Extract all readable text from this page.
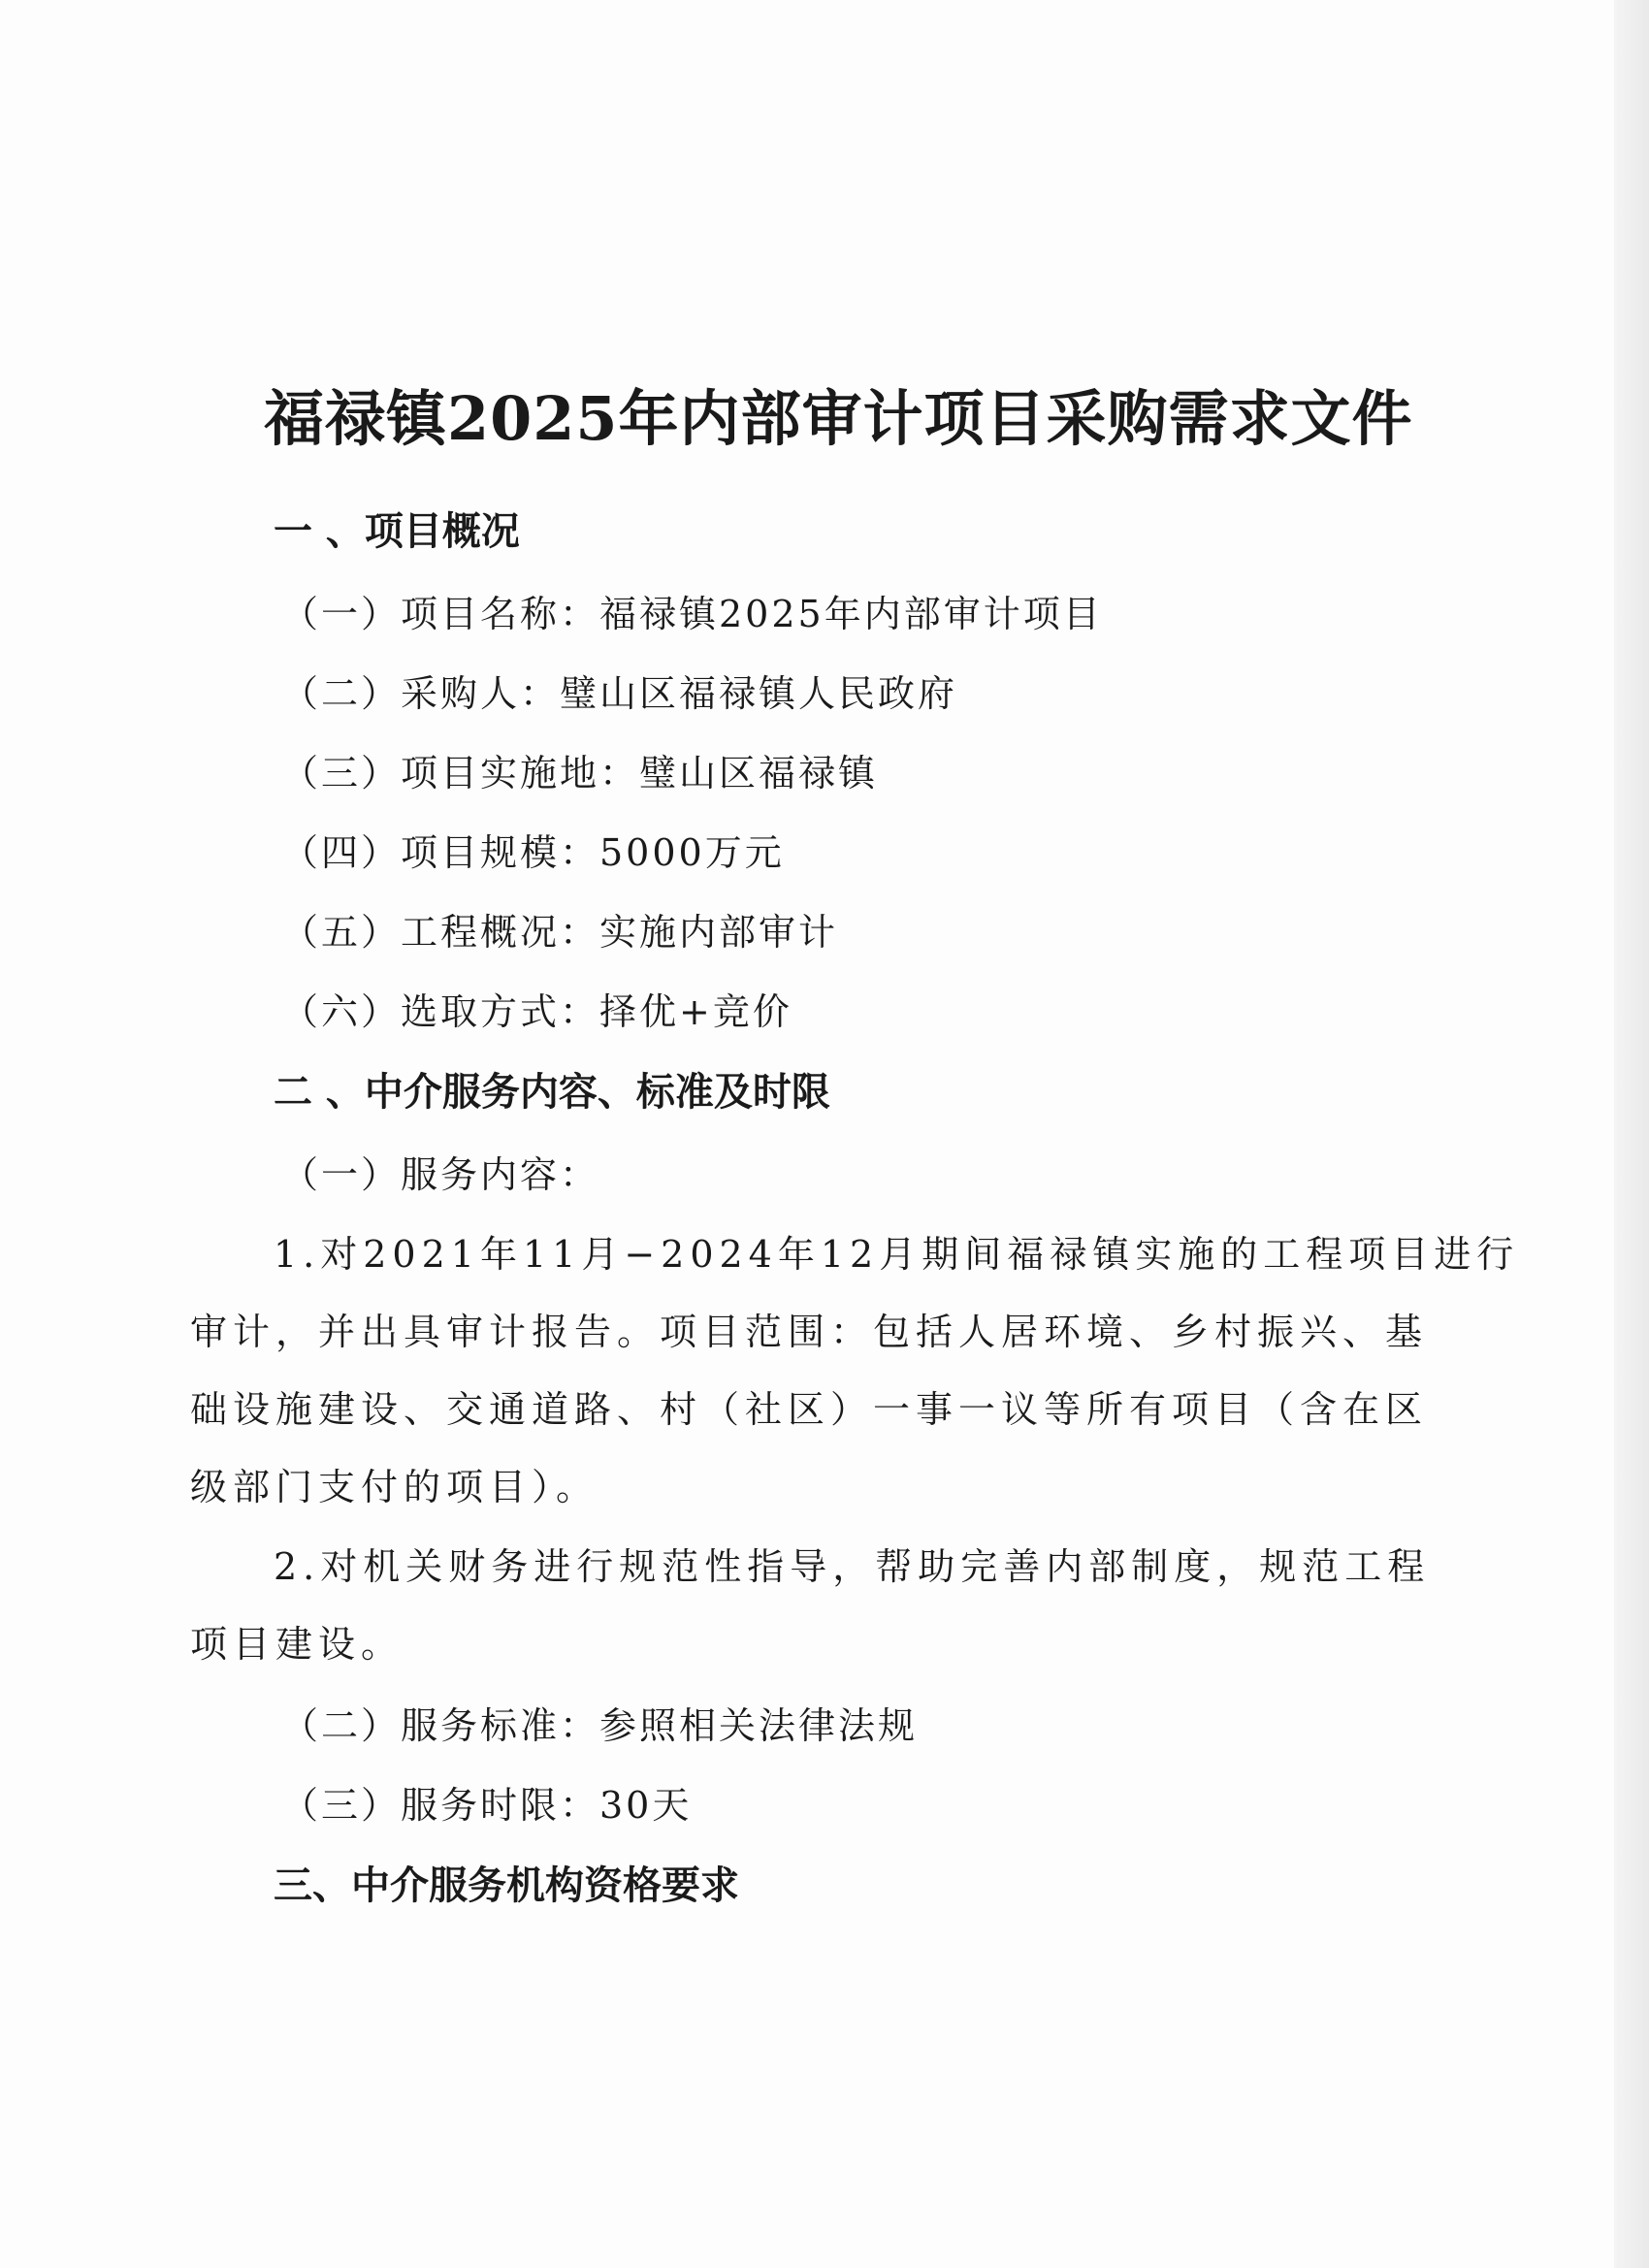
福禄镇2025年内部审计项目采购需求文件
一 、项目概况
（一）项目名称：福禄镇2025年内部审计项目
（二）采购人：璧山区福禄镇人民政府
（三）项目实施地：璧山区福禄镇
（四）项目规模：5000万元
（五）工程概况：实施内部审计
（六）选取方式：择优+竞价
二 、中介服务内容、标准及时限
（一）服务内容：
1.对2021年11月−2024年12月期间福禄镇实施的工程项目进行
审计，并出具审计报告。项目范围：包括人居环境、乡村振兴、基
础设施建设、交通道路、村（社区）一事一议等所有项目（含在区
级部门支付的项目）。
2.对机关财务进行规范性指导，帮助完善内部制度，规范工程
项目建设。
（二）服务标准：参照相关法律法规
（三）服务时限：30天
三、中介服务机构资格要求
